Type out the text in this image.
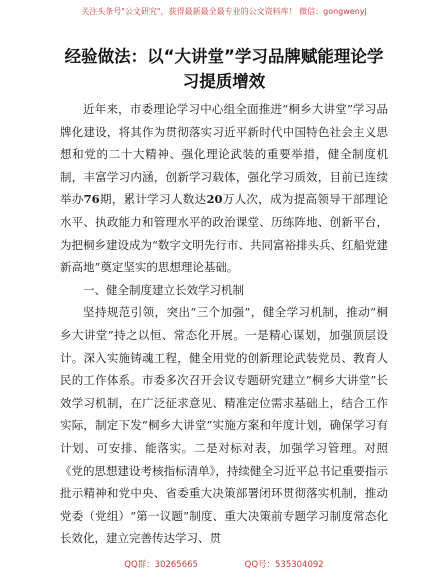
关注头条号"公文研究"，获得最新最全最专业的公文资料库！ 微信：gongwenyj
经验做法：以“大讲堂”学习品牌赋能理论学
习提质增效

近年来，市委理论学习中心组全面推进“桐乡大讲堂”学习品牌化建设，将其作为贯彻落实习近平新时代中国特色社会主义思想和党的二十大精神、强化理论武装的重要举措，健全制度机制，丰富学习内涵，创新学习载体，强化学习质效，目前已连续举办76期，累计学习人数达20万人次，成为提高领导干部理论水平、执政能力和管理水平的政治课堂、历练阵地、创新平台，为把桐乡建设成为“数字文明先行市、共同富裕排头兵、红船党建新高地”奠定坚实的思想理论基础。

一、健全制度建立长效学习机制

坚持规范引领，突出“三个加强”，健全学习机制，推动“桐乡大讲堂”持之以恒、常态化开展。一是精心谋划，加强顶层设计。深入实施铸魂工程，健全用党的创新理论武装党员、教育人民的工作体系。市委多次召开会议专题研究建立“桐乡大讲堂”长效学习机制，在广泛征求意见、精准定位需求基础上，结合工作实际，制定下发“桐乡大讲堂”实施方案和年度计划，确保学习有计划、可安排、能落实。二是对标对表，加强学习管理。对照《党的思想建设考核指标清单》，持续健全习近平总书记重要指示批示精神和党中央、省委重大决策部署闭环贯彻落实机制，推动党委（党组）“第一议题”制度、重大决策前专题学习制度常态化长效化，建立完善传达学习、贯

QQ群：30265665	QQ号：535304092
